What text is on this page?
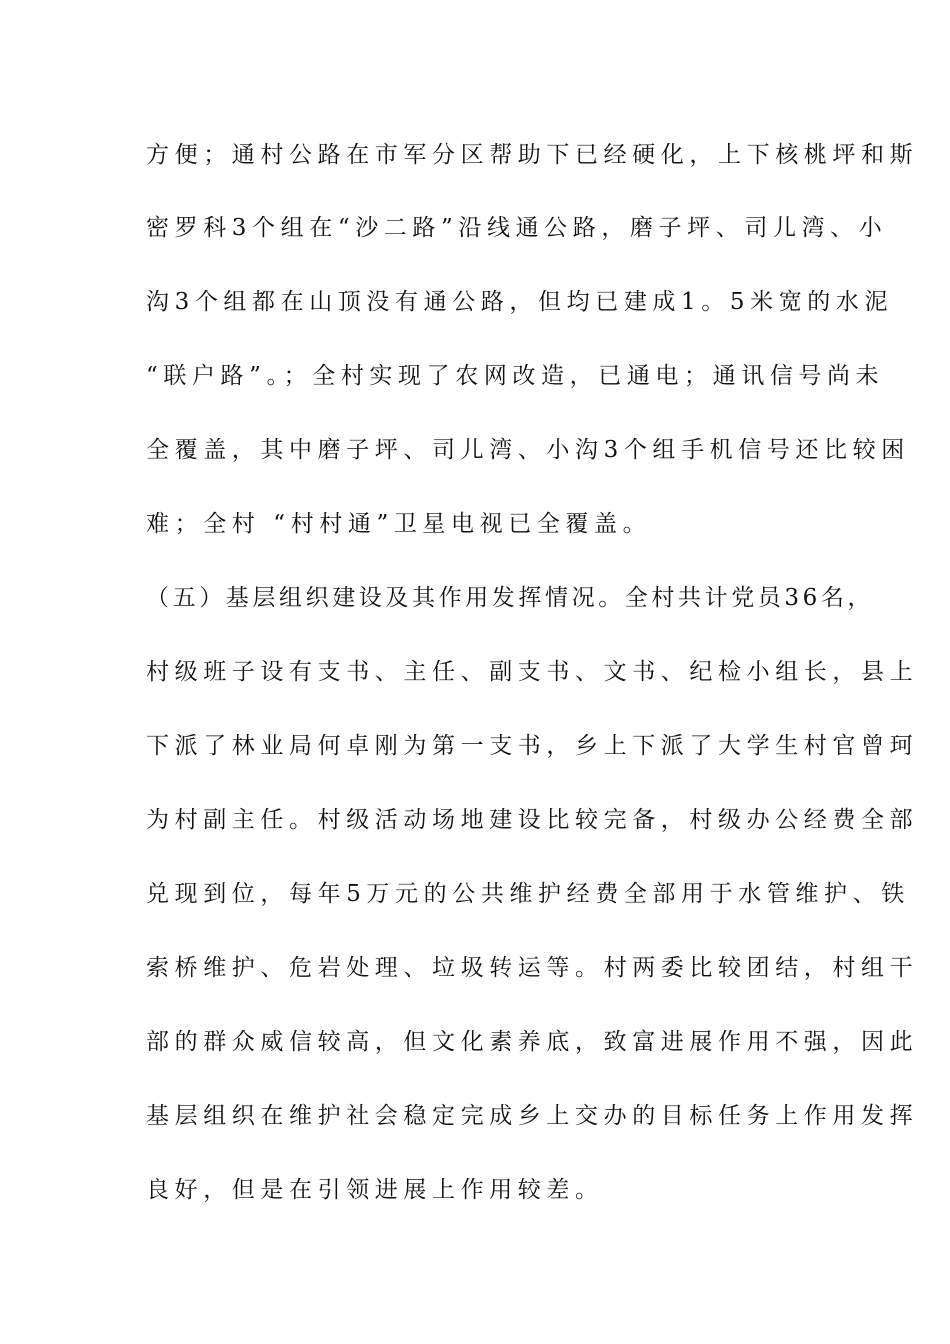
方便；通村公路在市军分区帮助下已经硬化，上下核桃坪和斯
密罗科3个组在“沙二路”沿线通公路，磨子坪、司儿湾、小
沟3个组都在山顶没有通公路，但均已建成1。5米宽的水泥
“联户路”。；全村实现了农网改造，已通电；通讯信号尚未
全覆盖，其中磨子坪、司儿湾、小沟3个组手机信号还比较困
难；全村 “村村通”卫星电视已全覆盖。
（五）基层组织建设及其作用发挥情况。全村共计党员36名，
村级班子设有支书、主任、副支书、文书、纪检小组长，县上
下派了林业局何卓刚为第一支书，乡上下派了大学生村官曾珂
为村副主任。村级活动场地建设比较完备，村级办公经费全部
兑现到位，每年5万元的公共维护经费全部用于水管维护、铁
索桥维护、危岩处理、垃圾转运等。村两委比较团结，村组干
部的群众威信较高，但文化素养底，致富进展作用不强，因此
基层组织在维护社会稳定完成乡上交办的目标任务上作用发挥
良好，但是在引领进展上作用较差。
